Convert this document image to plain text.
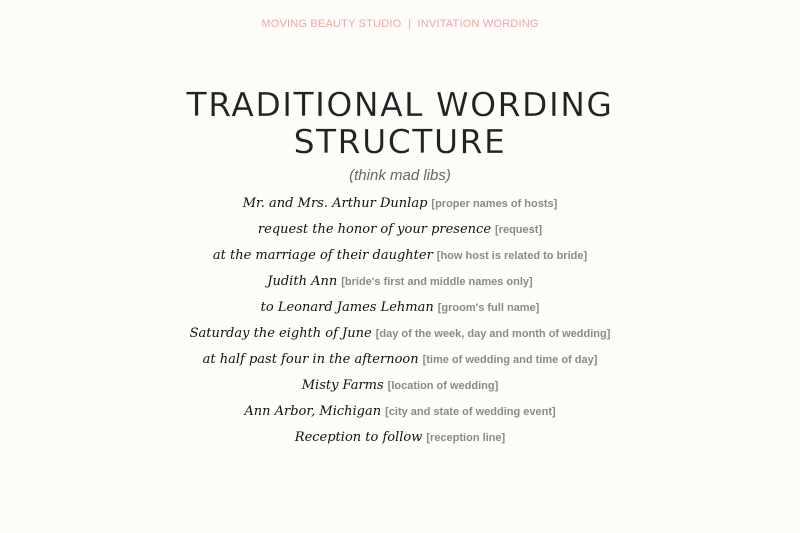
MOVING BEAUTY STUDIO | INVITATION WORDING
TRADITIONAL WORDING
STRUCTURE
(think mad libs)
Mr. and Mrs. Arthur Dunlap [proper names of hosts]
request the honor of your presence [request]
at the marriage of their daughter [how host is related to bride]
Judith Ann [bride's first and middle names only]
to Leonard James Lehman [groom's full name]
Saturday the eighth of June [day of the week, day and month of wedding]
at half past four in the afternoon [time of wedding and time of day]
Misty Farms [location of wedding]
Ann Arbor, Michigan [city and state of wedding event]
Reception to follow [reception line]
